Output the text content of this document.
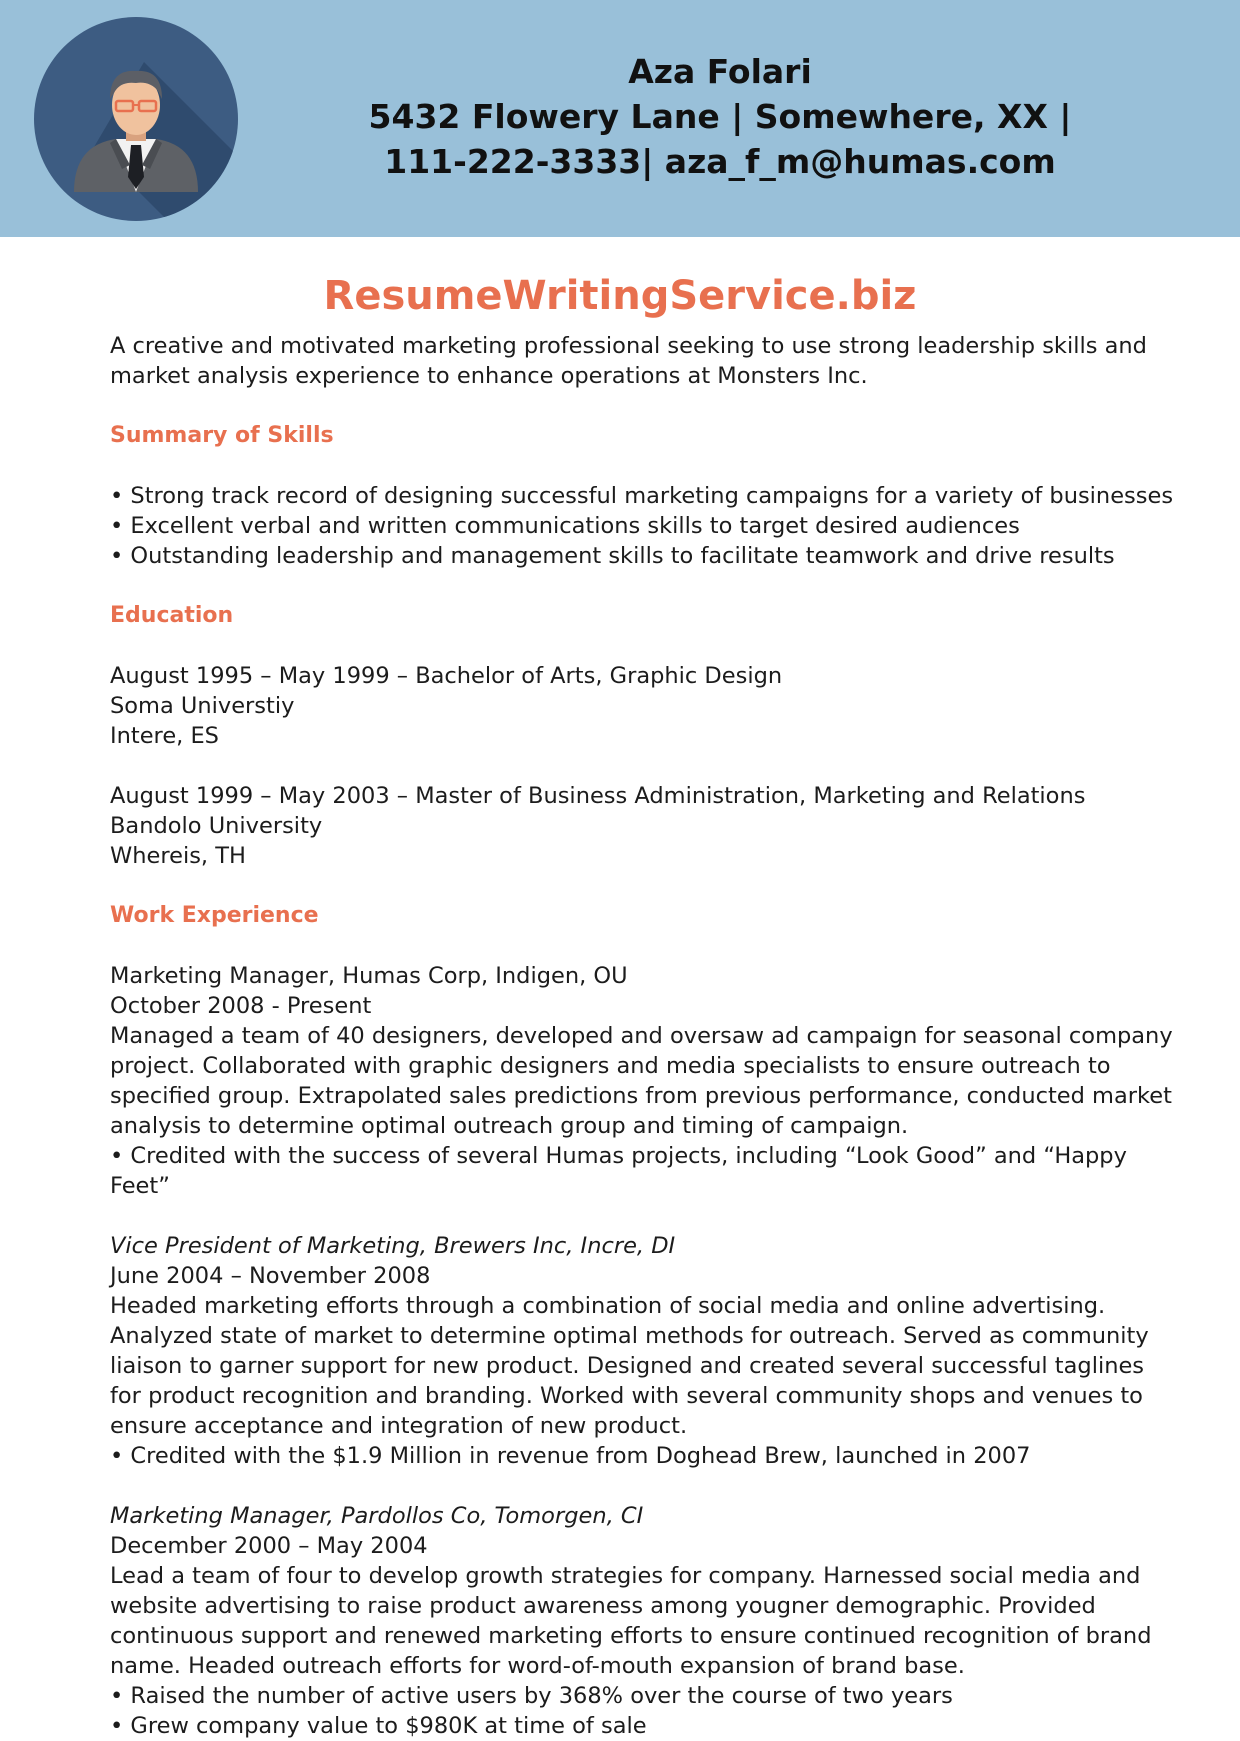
Aza Folari
5432 Flowery Lane | Somewhere, XX |
111-222-3333| aza_f_m@humas.com
ResumeWritingService.biz

A creative and motivated marketing professional seeking to use strong leadership skills and market analysis experience to enhance operations at Monsters Inc.

Summary of Skills

• Strong track record of designing successful marketing campaigns for a variety of businesses

• Excellent verbal and written communications skills to target desired audiences

• Outstanding leadership and management skills to facilitate teamwork and drive results

Education

August 1995 – May 1999 – Bachelor of Arts, Graphic Design

Soma Universtiy

Intere, ES

August 1999 – May 2003 – Master of Business Administration, Marketing and Relations

Bandolo University

Whereis, TH

Work Experience

Marketing Manager, Humas Corp, Indigen, OU

October 2008 - Present

Managed a team of 40 designers, developed and oversaw ad campaign for seasonal company project. Collaborated with graphic designers and media specialists to ensure outreach to specified group. Extrapolated sales predictions from previous performance, conducted market analysis to determine optimal outreach group and timing of campaign.

• Credited with the success of several Humas projects, including “Look Good” and “Happy Feet”

Vice President of Marketing, Brewers Inc, Incre, DI

June 2004 – November 2008

Headed marketing efforts through a combination of social media and online advertising. Analyzed state of market to determine optimal methods for outreach. Served as community liaison to garner support for new product. Designed and created several successful taglines for product recognition and branding. Worked with several community shops and venues to ensure acceptance and integration of new product.

• Credited with the $1.9 Million in revenue from Doghead Brew, launched in 2007

Marketing Manager, Pardollos Co, Tomorgen, CI

December 2000 – May 2004

Lead a team of four to develop growth strategies for company. Harnessed social media and website advertising to raise product awareness among yougner demographic. Provided continuous support and renewed marketing efforts to ensure continued recognition of brand name. Headed outreach efforts for word-of-mouth expansion of brand base.

• Raised the number of active users by 368% over the course of two years

• Grew company value to $980K at time of sale
